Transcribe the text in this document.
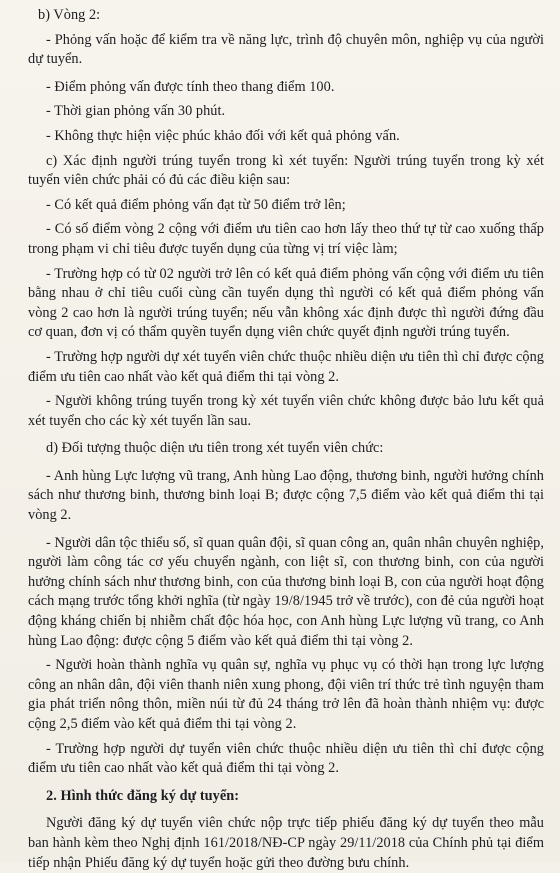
b) Vòng 2:

- Phỏng vấn hoặc để kiểm tra về năng lực, trình độ chuyên môn, nghiệp vụ của người dự tuyển.

- Điểm phỏng vấn được tính theo thang điểm 100.

- Thời gian phỏng vấn 30 phút.

- Không thực hiện việc phúc khảo đối với kết quả phỏng vấn.

c) Xác định người trúng tuyển trong kì xét tuyển: Người trúng tuyển trong kỳ xét tuyển viên chức phải có đủ các điều kiện sau:

- Có kết quả điểm phỏng vấn đạt từ 50 điểm trở lên;

- Có số điểm vòng 2 cộng với điểm ưu tiên cao hơn lấy theo thứ tự từ cao xuống thấp trong phạm vi chỉ tiêu được tuyển dụng của từng vị trí việc làm;

- Trường hợp có từ 02 người trở lên có kết quả điểm phỏng vấn cộng với điểm ưu tiên bằng nhau ở chỉ tiêu cuối cùng cần tuyển dụng thì người có kết quả điểm phỏng vấn vòng 2 cao hơn là người trúng tuyển; nếu vẫn không xác định được thì người đứng đầu cơ quan, đơn vị có thẩm quyền tuyển dụng viên chức quyết định người trúng tuyển.

- Trường hợp người dự xét tuyển viên chức thuộc nhiều diện ưu tiên thì chỉ được cộng điểm ưu tiên cao nhất vào kết quả điểm thi tại vòng 2.

- Người không trúng tuyển trong kỳ xét tuyển viên chức không được bảo lưu kết quả xét tuyển cho các kỳ xét tuyển lần sau.

d) Đối tượng thuộc diện ưu tiên trong xét tuyển viên chức:

- Anh hùng Lực lượng vũ trang, Anh hùng Lao động, thương binh, người hưởng chính sách như thương binh, thương binh loại B; được cộng 7,5 điểm vào kết quả điểm thi tại vòng 2.

- Người dân tộc thiểu số, sĩ quan quân đội, sĩ quan công an, quân nhân chuyên nghiệp, người làm công tác cơ yếu chuyển ngành, con liệt sĩ, con thương binh, con của người hưởng chính sách như thương binh, con của thương binh loại B, con của người hoạt động cách mạng trước tổng khởi nghĩa (từ ngày 19/8/1945 trở về trước), con đẻ của người hoạt động kháng chiến bị nhiễm chất độc hóa học, con Anh hùng Lực lượng vũ trang, co Anh hùng Lao động: được cộng 5 điểm vào kết quả điểm thi tại vòng 2.

- Người hoàn thành nghĩa vụ quân sự, nghĩa vụ phục vụ có thời hạn trong lực lượng công an nhân dân, đội viên thanh niên xung phong, đội viên trí thức trẻ tình nguyện tham gia phát triển nông thôn, miền núi từ đủ 24 tháng trở lên đã hoàn thành nhiệm vụ: được cộng 2,5 điểm vào kết quả điểm thi tại vòng 2.

- Trường hợp người dự tuyển viên chức thuộc nhiều diện ưu tiên thì chỉ được cộng điểm ưu tiên cao nhất vào kết quả điểm thi tại vòng 2.

2. Hình thức đăng ký dự tuyển:

Người đăng ký dự tuyển viên chức nộp trực tiếp phiếu đăng ký dự tuyển theo mẫu ban hành kèm theo Nghị định 161/2018/NĐ-CP ngày 29/11/2018 của Chính phủ tại điểm tiếp nhận Phiếu đăng ký dự tuyển hoặc gửi theo đường bưu chính.
